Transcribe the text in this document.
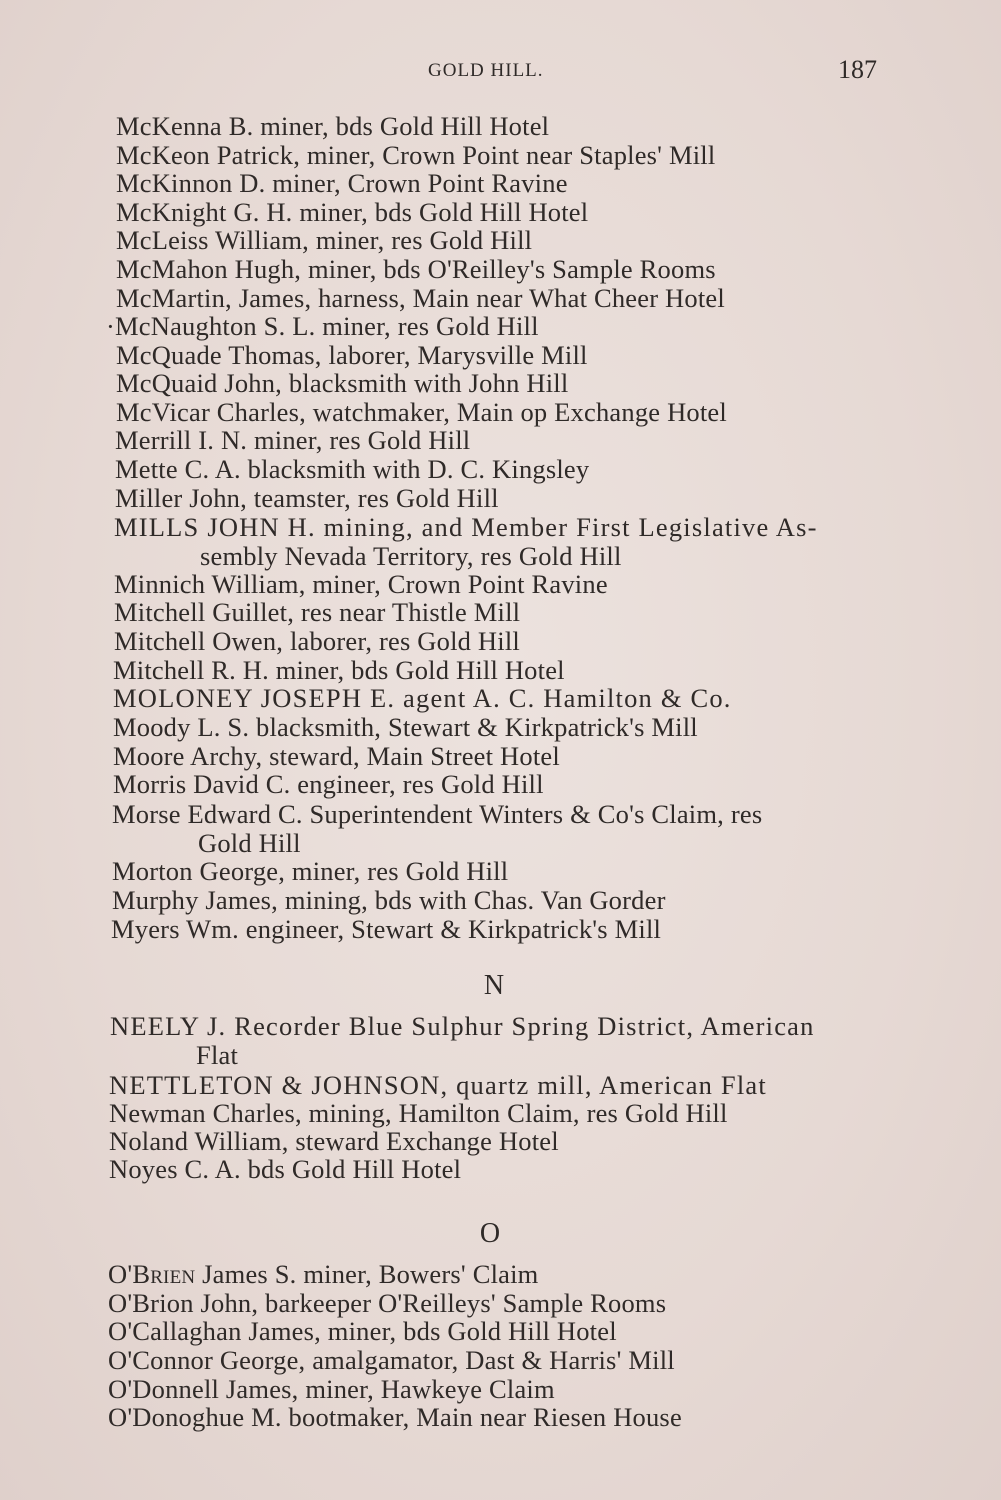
GOLD HILL.	187
McKenna B. miner, bds Gold Hill Hotel
McKeon Patrick, miner, Crown Point near Staples' Mill
McKinnon D. miner, Crown Point Ravine
McKnight G. H. miner, bds Gold Hill Hotel
McLeiss William, miner, res Gold Hill
McMahon Hugh, miner, bds O'Reilley's Sample Rooms
McMartin, James, harness, Main near What Cheer Hotel
·McNaughton S. L. miner, res Gold Hill
McQuade Thomas, laborer, Marysville Mill
McQuaid John, blacksmith with John Hill
McVicar Charles, watchmaker, Main op Exchange Hotel
Merrill I. N. miner, res Gold Hill
Mette C. A. blacksmith with D. C. Kingsley
Miller John, teamster, res Gold Hill
MILLS JOHN H. mining, and Member First Legislative As-
sembly Nevada Territory, res Gold Hill
Minnich William, miner, Crown Point Ravine
Mitchell Guillet, res near Thistle Mill
Mitchell Owen, laborer, res Gold Hill
Mitchell R. H. miner, bds Gold Hill Hotel
MOLONEY JOSEPH E. agent A. C. Hamilton & Co.
Moody L. S. blacksmith, Stewart & Kirkpatrick's Mill
Moore Archy, steward, Main Street Hotel
Morris David C. engineer, res Gold Hill
Morse Edward C. Superintendent Winters & Co's Claim, res
Gold Hill
Morton George, miner, res Gold Hill
Murphy James, mining, bds with Chas. Van Gorder
Myers Wm. engineer, Stewart & Kirkpatrick's Mill
N
NEELY J. Recorder Blue Sulphur Spring District, American
Flat
NETTLETON & JOHNSON, quartz mill, American Flat
Newman Charles, mining, Hamilton Claim, res Gold Hill
Noland William, steward Exchange Hotel
Noyes C. A. bds Gold Hill Hotel
O
O'Brien James S. miner, Bowers' Claim
O'Brion John, barkeeper O'Reilleys' Sample Rooms
O'Callaghan James, miner, bds Gold Hill Hotel
O'Connor George, amalgamator, Dast & Harris' Mill
O'Donnell James, miner, Hawkeye Claim
O'Donoghue M. bootmaker, Main near Riesen House
